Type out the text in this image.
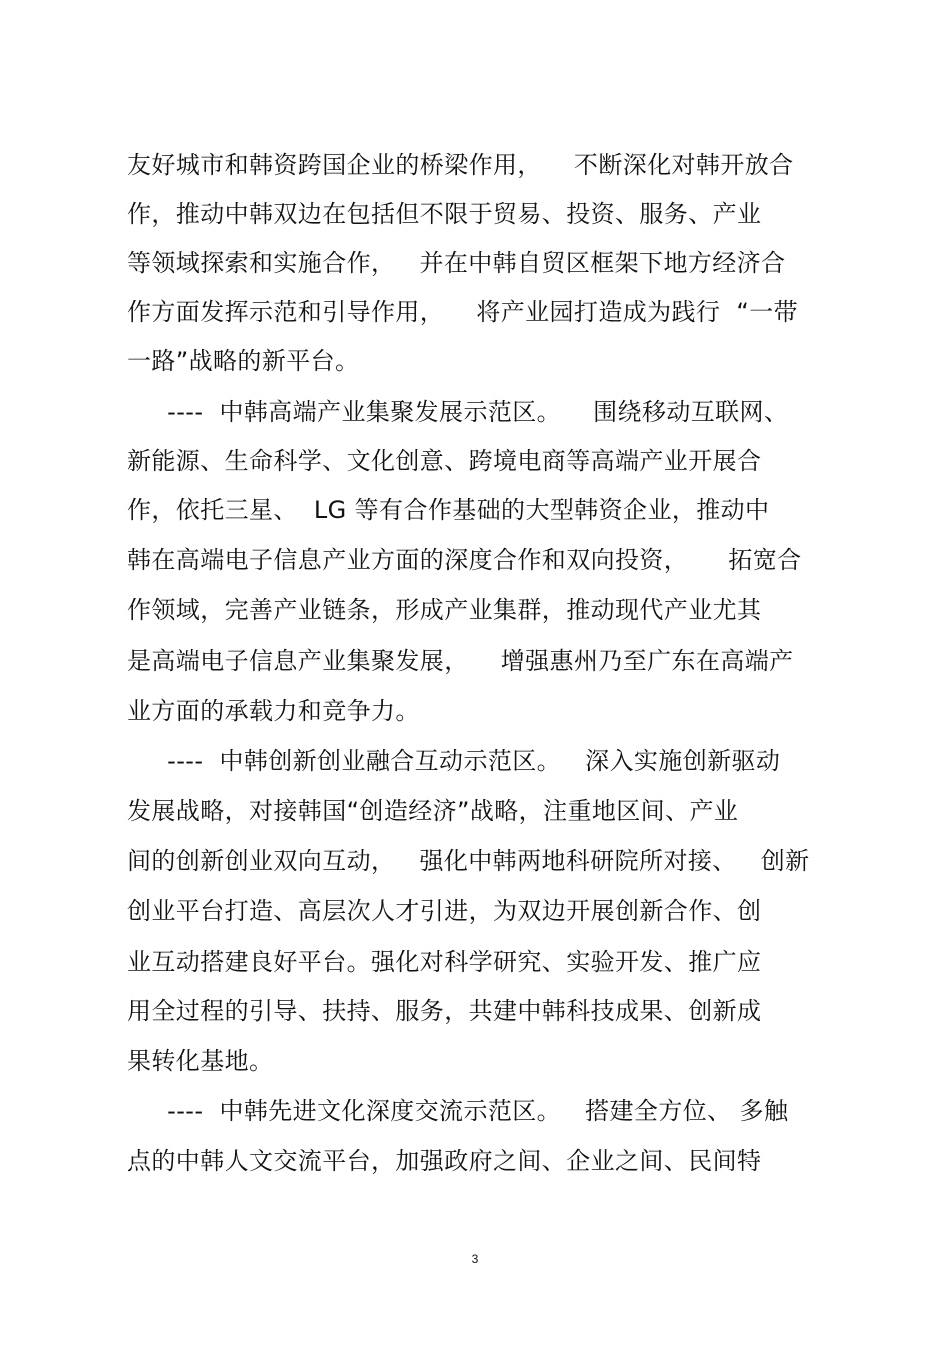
友好城市和韩资跨国企业的桥梁作用，    不断深化对韩开放合
作，推动中韩双边在包括但不限于贸易、投资、服务、产业
等领域探索和实施合作，   并在中韩自贸区框架下地方经济合
作方面发挥示范和引导作用，    将产业园打造成为践行  “一带
一路”战略的新平台。
----  中韩高端产业集聚发展示范区。    围绕移动互联网、
新能源、生命科学、文化创意、跨境电商等高端产业开展合
作，依托三星、  LG 等有合作基础的大型韩资企业，推动中
韩在高端电子信息产业方面的深度合作和双向投资，     拓宽合
作领域，完善产业链条，形成产业集群，推动现代产业尤其
是高端电子信息产业集聚发展，    增强惠州乃至广东在高端产
业方面的承载力和竞争力。
----  中韩创新创业融合互动示范区。   深入实施创新驱动
发展战略，对接韩国“创造经济”战略，注重地区间、产业
间的创新创业双向互动，   强化中韩两地科研院所对接、   创新
创业平台打造、高层次人才引进，为双边开展创新合作、创
业互动搭建良好平台。强化对科学研究、实验开发、推广应
用全过程的引导、扶持、服务，共建中韩科技成果、创新成
果转化基地。
----  中韩先进文化深度交流示范区。   搭建全方位、 多触
点的中韩人文交流平台，加强政府之间、企业之间、民间特
3
